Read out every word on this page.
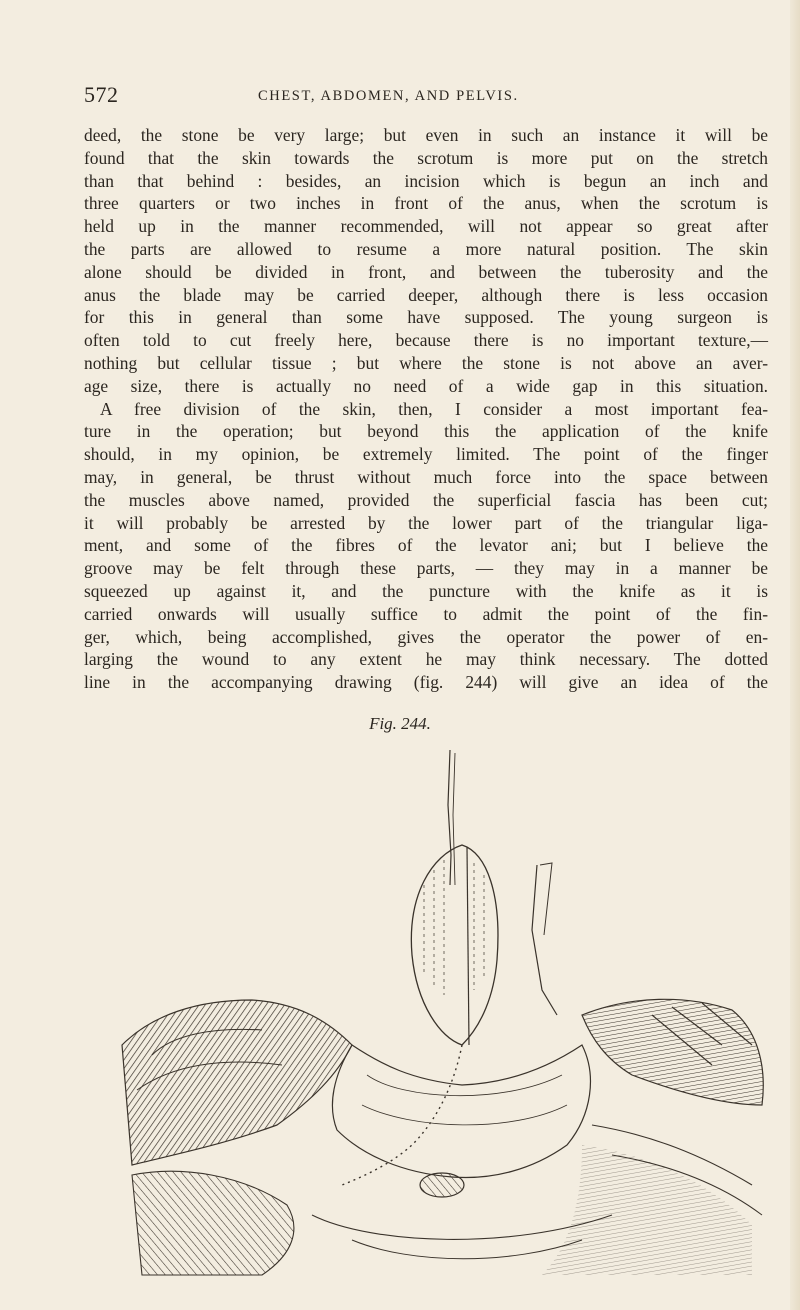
572	CHEST, ABDOMEN, AND PELVIS.

deed, the stone be very large; but even in such an instance it will be

found that the skin towards the scrotum is more put on the stretch

than that behind : besides, an incision which is begun an inch and

three quarters or two inches in front of the anus, when the scrotum is

held up in the manner recommended, will not appear so great after

the parts are allowed to resume a more natural position. The skin

alone should be divided in front, and between the tuberosity and the

anus the blade may be carried deeper, although there is less occasion

for this in general than some have supposed. The young surgeon is

often told to cut freely here, because there is no important texture,—

nothing but cellular tissue ; but where the stone is not above an aver-

age size, there is actually no need of a wide gap in this situation.

A free division of the skin, then, I consider a most important fea-

ture in the operation; but beyond this the application of the knife

should, in my opinion, be extremely limited. The point of the finger

may, in general, be thrust without much force into the space between

the muscles above named, provided the superficial fascia has been cut;

it will probably be arrested by the lower part of the triangular liga-

ment, and some of the fibres of the levator ani; but I believe the

groove may be felt through these parts, — they may in a manner be

squeezed up against it, and the puncture with the knife as it is

carried onwards will usually suffice to admit the point of the fin-

ger, which, being accomplished, gives the operator the power of en-

larging the wound to any extent he may think necessary. The dotted

line in the accompanying drawing (fig. 244) will give an idea of the

Fig. 244.
